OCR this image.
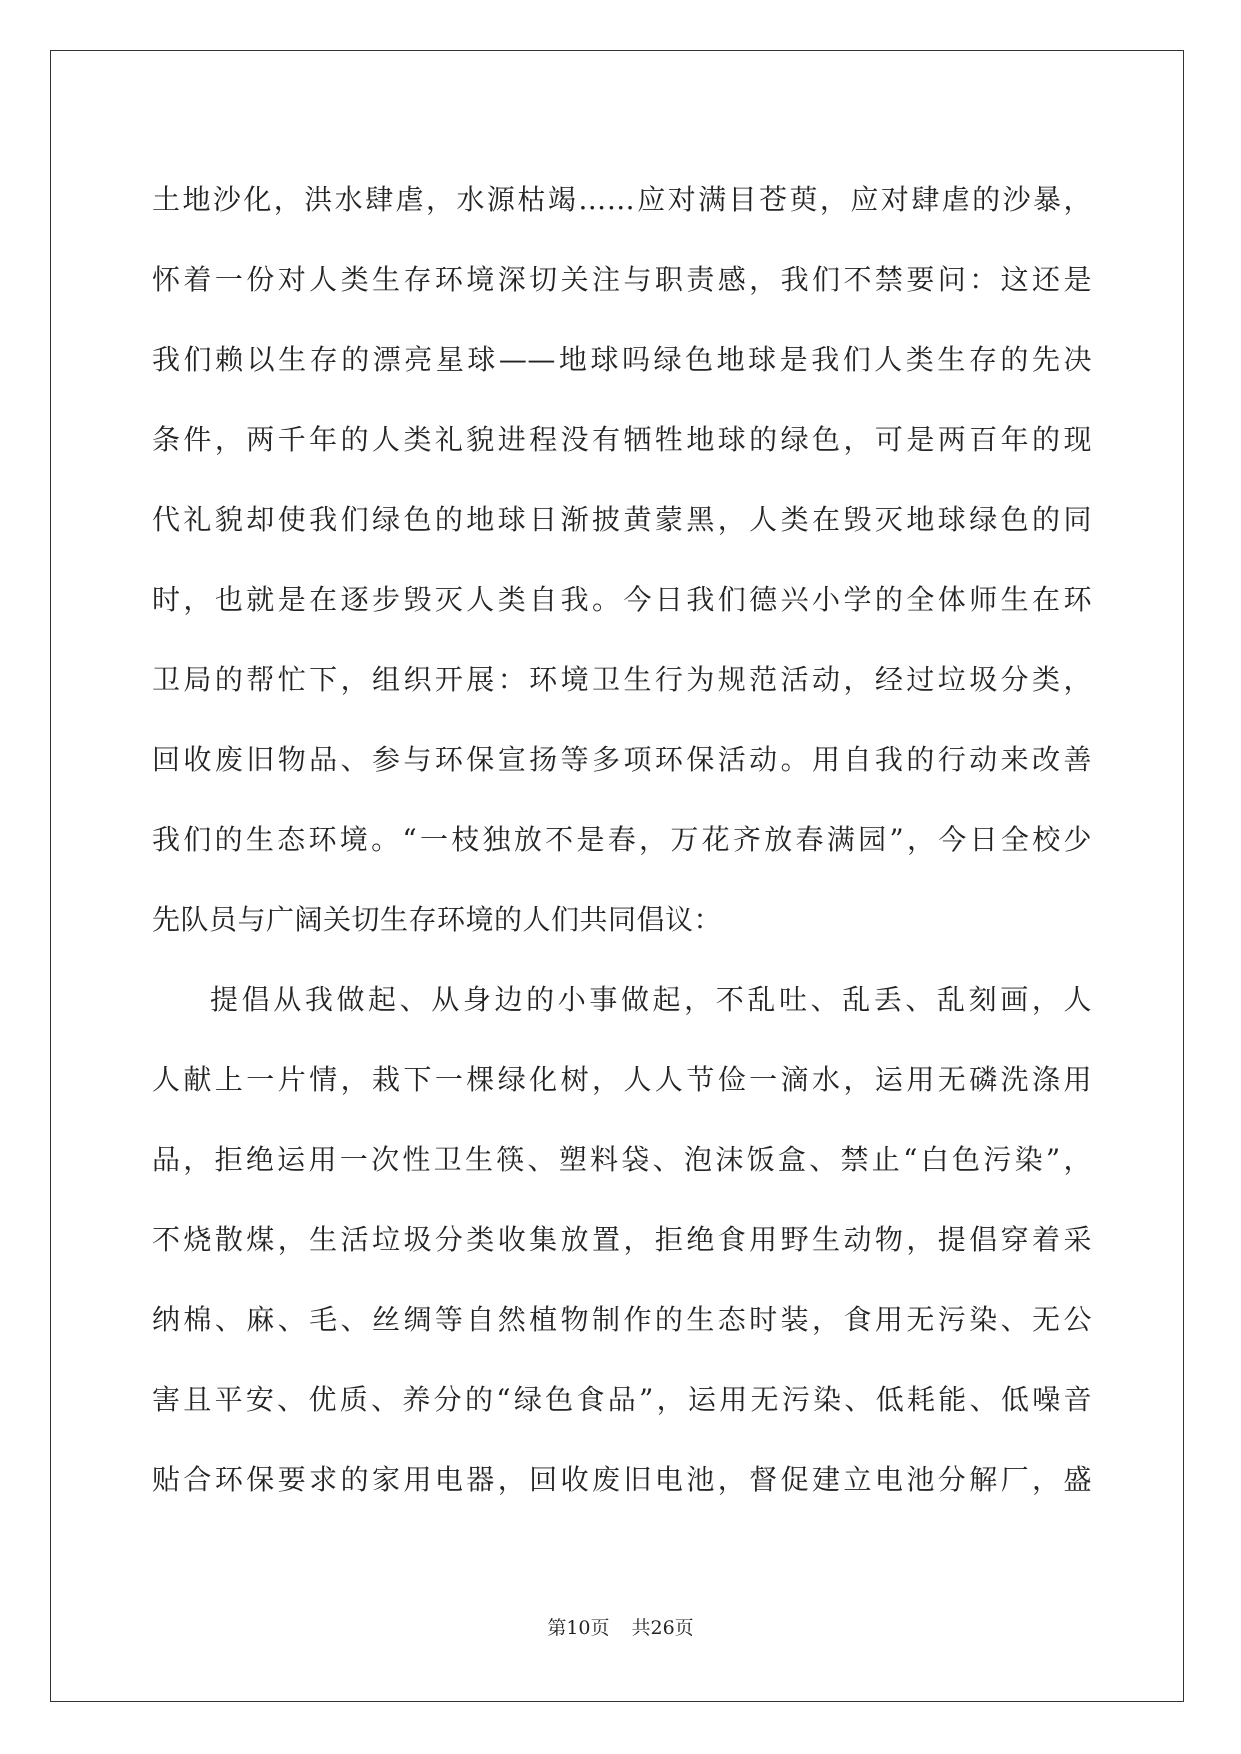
土地沙化，洪水肆虐，水源枯竭……应对满目苍萸，应对肆虐的沙暴，
怀着一份对人类生存环境深切关注与职责感，我们不禁要问：这还是
我们赖以生存的漂亮星球——地球吗绿色地球是我们人类生存的先决
条件，两千年的人类礼貌进程没有牺牲地球的绿色，可是两百年的现
代礼貌却使我们绿色的地球日渐披黄蒙黑，人类在毁灭地球绿色的同
时，也就是在逐步毁灭人类自我。今日我们德兴小学的全体师生在环
卫局的帮忙下，组织开展：环境卫生行为规范活动，经过垃圾分类，
回收废旧物品、参与环保宣扬等多项环保活动。用自我的行动来改善
我们的生态环境。“一枝独放不是春，万花齐放春满园”，今日全校少
先队员与广阔关切生存环境的人们共同倡议：
提倡从我做起、从身边的小事做起，不乱吐、乱丢、乱刻画，人
人献上一片情，栽下一棵绿化树，人人节俭一滴水，运用无磷洗涤用
品，拒绝运用一次性卫生筷、塑料袋、泡沫饭盒、禁止“白色污染”，
不烧散煤，生活垃圾分类收集放置，拒绝食用野生动物，提倡穿着采
纳棉、麻、毛、丝绸等自然植物制作的生态时装，食用无污染、无公
害且平安、优质、养分的“绿色食品”，运用无污染、低耗能、低噪音
贴合环保要求的家用电器，回收废旧电池，督促建立电池分解厂，盛
第10页 共26页
